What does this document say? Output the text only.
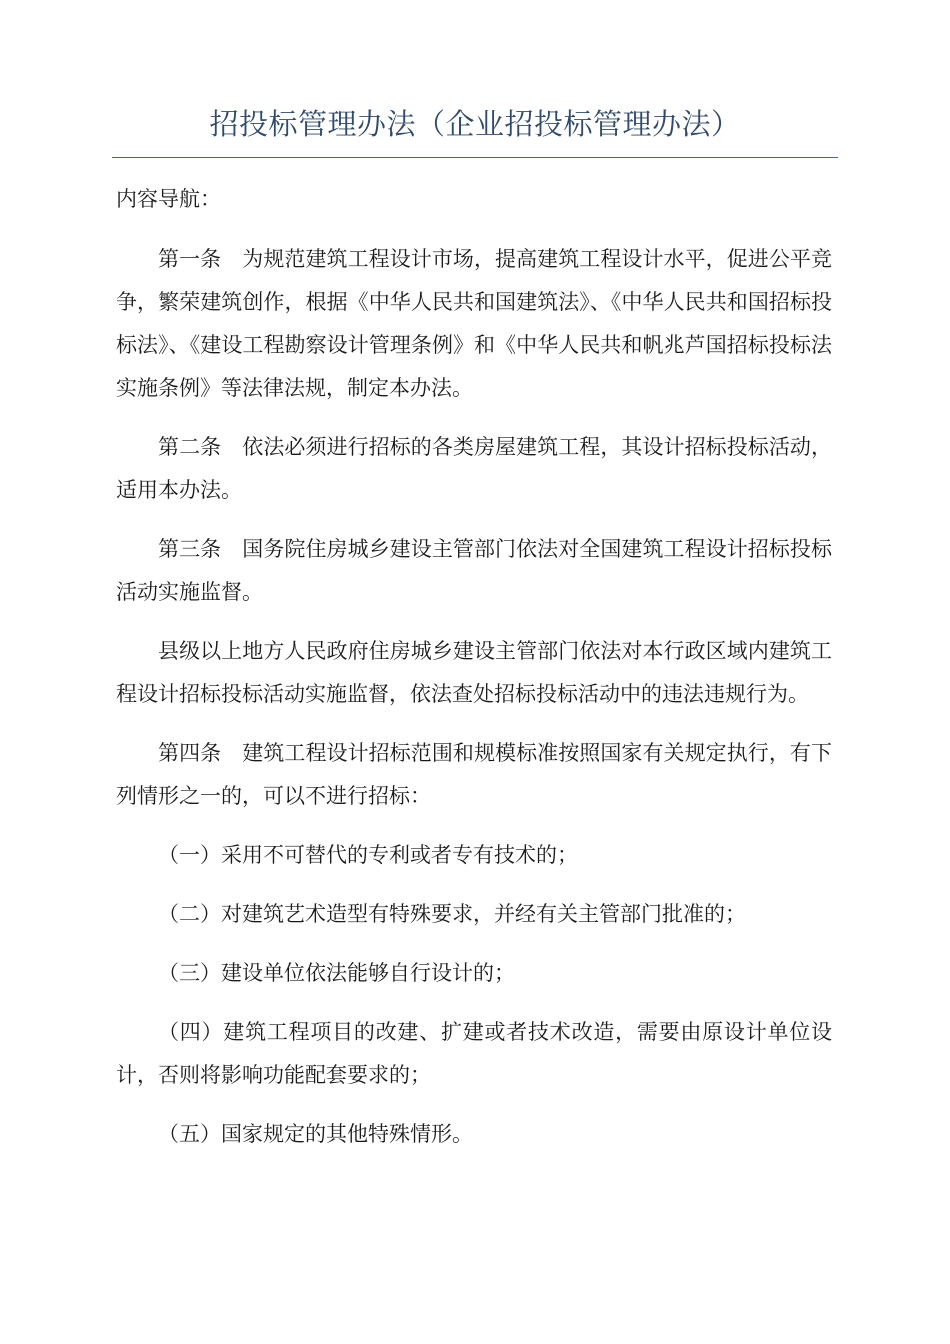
招投标管理办法（企业招投标管理办法）

内容导航：

第一条　为规范建筑工程设计市场，提高建筑工程设计水平，促进公平竞争，繁荣建筑创作，根据《中华人民共和国建筑法》、《中华人民共和国招标投标法》、《建设工程勘察设计管理条例》和《中华人民共和帆兆芦国招标投标法实施条例》等法律法规，制定本办法。

第二条　依法必须进行招标的各类房屋建筑工程，其设计招标投标活动，适用本办法。

第三条　国务院住房城乡建设主管部门依法对全国建筑工程设计招标投标活动实施监督。

县级以上地方人民政府住房城乡建设主管部门依法对本行政区域内建筑工程设计招标投标活动实施监督，依法查处招标投标活动中的违法违规行为。

第四条　建筑工程设计招标范围和规模标准按照国家有关规定执行，有下列情形之一的，可以不进行招标：

（一）采用不可替代的专利或者专有技术的；

（二）对建筑艺术造型有特殊要求，并经有关主管部门批准的；

（三）建设单位依法能够自行设计的；

（四）建筑工程项目的改建、扩建或者技术改造，需要由原设计单位设计，否则将影响功能配套要求的；

（五）国家规定的其他特殊情形。
